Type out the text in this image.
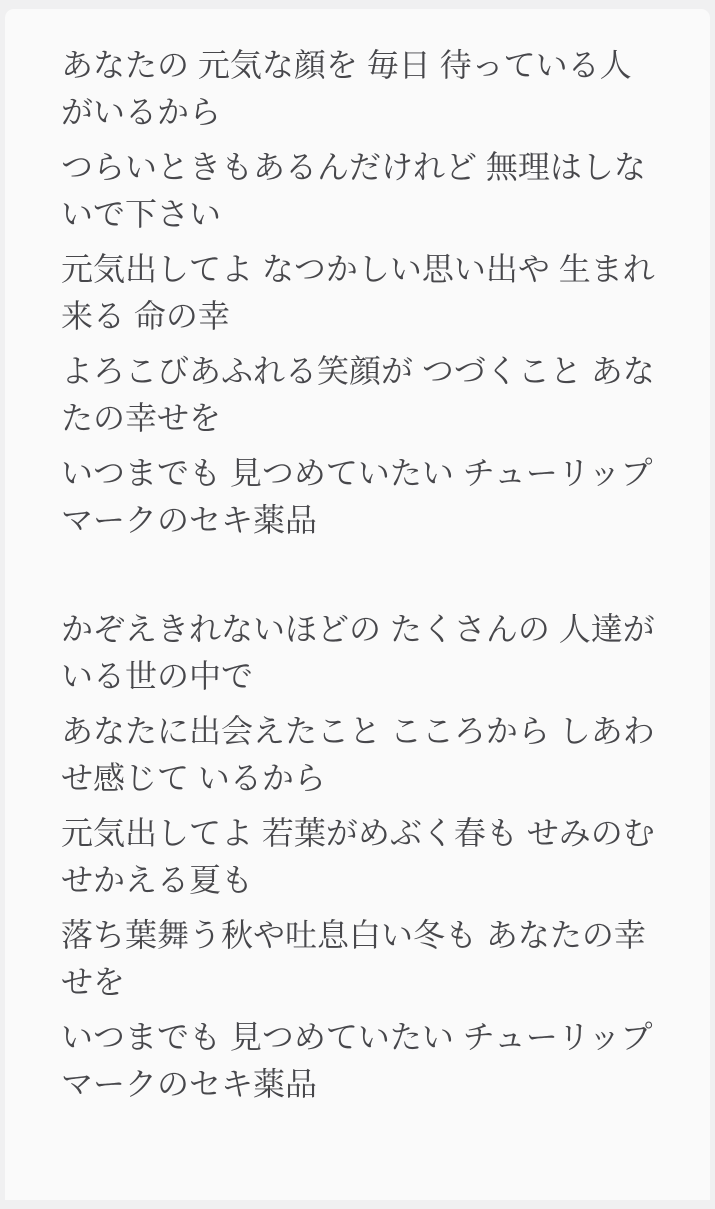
あなたの 元気な顔を 毎日 待っている人
がいるから

つらいときもあるんだけれど 無理はしな
いで下さい

元気出してよ なつかしい思い出や 生まれ
来る 命の幸

よろこびあふれる笑顔が つづくこと あな
たの幸せを

いつまでも 見つめていたい チューリップ
マークのセキ薬品

かぞえきれないほどの たくさんの 人達が
いる世の中で

あなたに出会えたこと こころから しあわ
せ感じて いるから

元気出してよ 若葉がめぶく春も せみのむ
せかえる夏も

落ち葉舞う秋や吐息白い冬も あなたの幸
せを

いつまでも 見つめていたい チューリップ
マークのセキ薬品
